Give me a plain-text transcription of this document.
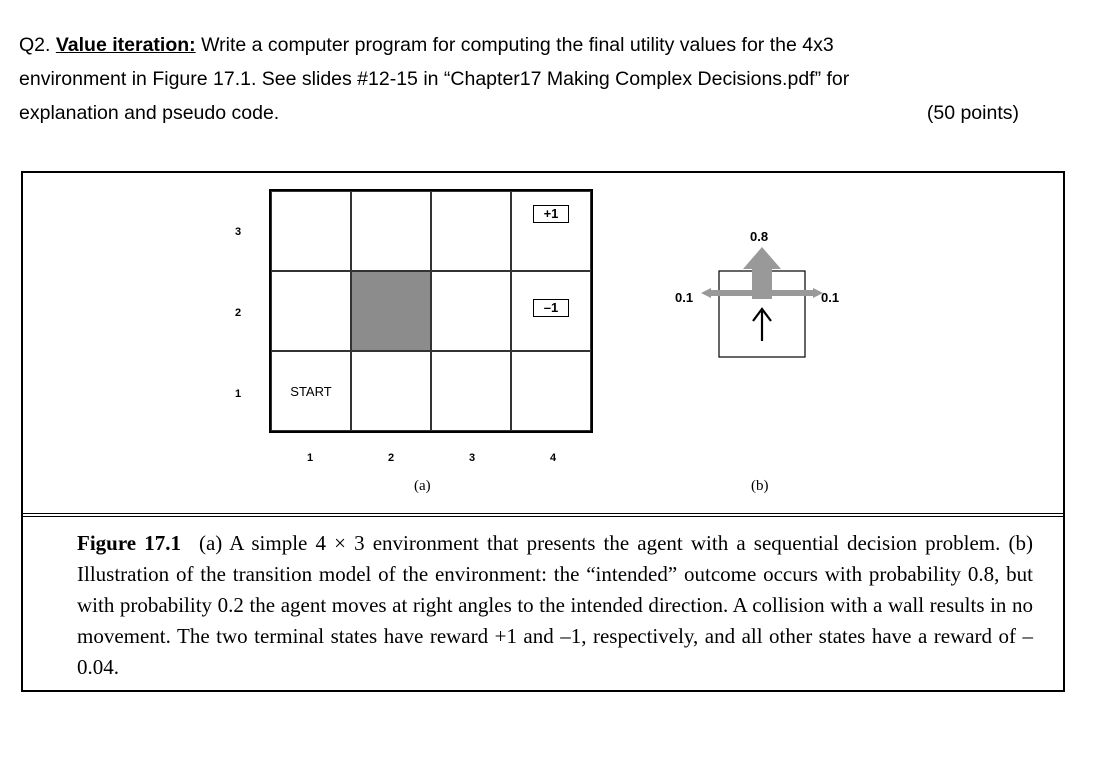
Q2. Value iteration: Write a computer program for computing the final utility values for the 4x3
environment in Figure 17.1. See slides #12-15 in “Chapter17 Making Complex Decisions.pdf” for
explanation and pseudo code.	(50 points)
3
2
1
+1
–1
START
1	2	3	4
(a)
0.8
0.1	0.1
(b)
Figure 17.1 (a) A simple 4 × 3 environment that presents the agent with a sequential decision problem. (b) Illustration of the transition model of the environment: the “intended” outcome occurs with probability 0.8, but with probability 0.2 the agent moves at right angles to the intended direction. A collision with a wall results in no movement. The two terminal states have reward +1 and –1, respectively, and all other states have a reward of –0.04.
